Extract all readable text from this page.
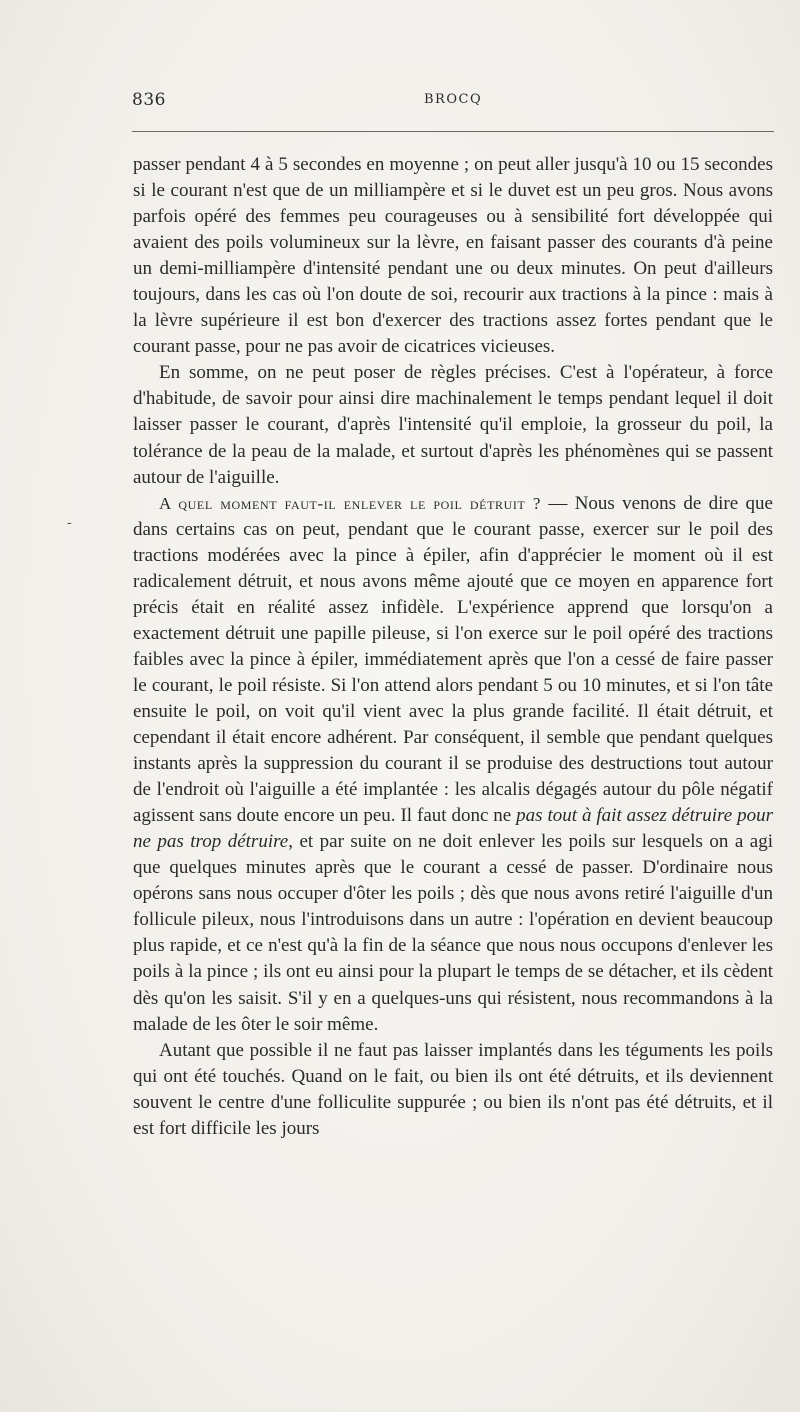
836	BROCQ
-

passer pendant 4 à 5 secondes en moyenne ; on peut aller jusqu'à 10 ou 15 secondes si le courant n'est que de un milliampère et si le duvet est un peu gros. Nous avons parfois opéré des femmes peu courageuses ou à sensibilité fort développée qui avaient des poils volumineux sur la lèvre, en faisant passer des courants d'à peine un demi-milliampère d'intensité pendant une ou deux minutes. On peut d'ailleurs toujours, dans les cas où l'on doute de soi, recourir aux tractions à la pince : mais à la lèvre supérieure il est bon d'exercer des tractions assez fortes pendant que le courant passe, pour ne pas avoir de cicatrices vicieuses.

En somme, on ne peut poser de règles précises. C'est à l'opérateur, à force d'habitude, de savoir pour ainsi dire machinalement le temps pendant lequel il doit laisser passer le courant, d'après l'intensité qu'il emploie, la grosseur du poil, la tolérance de la peau de la malade, et surtout d'après les phénomènes qui se passent autour de l'aiguille.

A quel moment faut-il enlever le poil détruit ? — Nous venons de dire que dans certains cas on peut, pendant que le courant passe, exercer sur le poil des tractions modérées avec la pince à épiler, afin d'apprécier le moment où il est radicalement détruit, et nous avons même ajouté que ce moyen en apparence fort précis était en réalité assez infidèle. L'expérience apprend que lorsqu'on a exactement détruit une papille pileuse, si l'on exerce sur le poil opéré des tractions faibles avec la pince à épiler, immédiatement après que l'on a cessé de faire passer le courant, le poil résiste. Si l'on attend alors pendant 5 ou 10 minutes, et si l'on tâte ensuite le poil, on voit qu'il vient avec la plus grande facilité. Il était détruit, et cependant il était encore adhérent. Par conséquent, il semble que pendant quelques instants après la suppression du courant il se produise des destructions tout autour de l'endroit où l'aiguille a été implantée : les alcalis dégagés autour du pôle négatif agissent sans doute encore un peu. Il faut donc ne pas tout à fait assez détruire pour ne pas trop détruire, et par suite on ne doit enlever les poils sur lesquels on a agi que quelques minutes après que le courant a cessé de passer. D'ordinaire nous opérons sans nous occuper d'ôter les poils ; dès que nous avons retiré l'aiguille d'un follicule pileux, nous l'introduisons dans un autre : l'opération en devient beaucoup plus rapide, et ce n'est qu'à la fin de la séance que nous nous occupons d'enlever les poils à la pince ; ils ont eu ainsi pour la plupart le temps de se détacher, et ils cèdent dès qu'on les saisit. S'il y en a quelques-uns qui résistent, nous recommandons à la malade de les ôter le soir même.

Autant que possible il ne faut pas laisser implantés dans les téguments les poils qui ont été touchés. Quand on le fait, ou bien ils ont été détruits, et ils deviennent souvent le centre d'une folliculite suppurée ; ou bien ils n'ont pas été détruits, et il est fort difficile les jours
